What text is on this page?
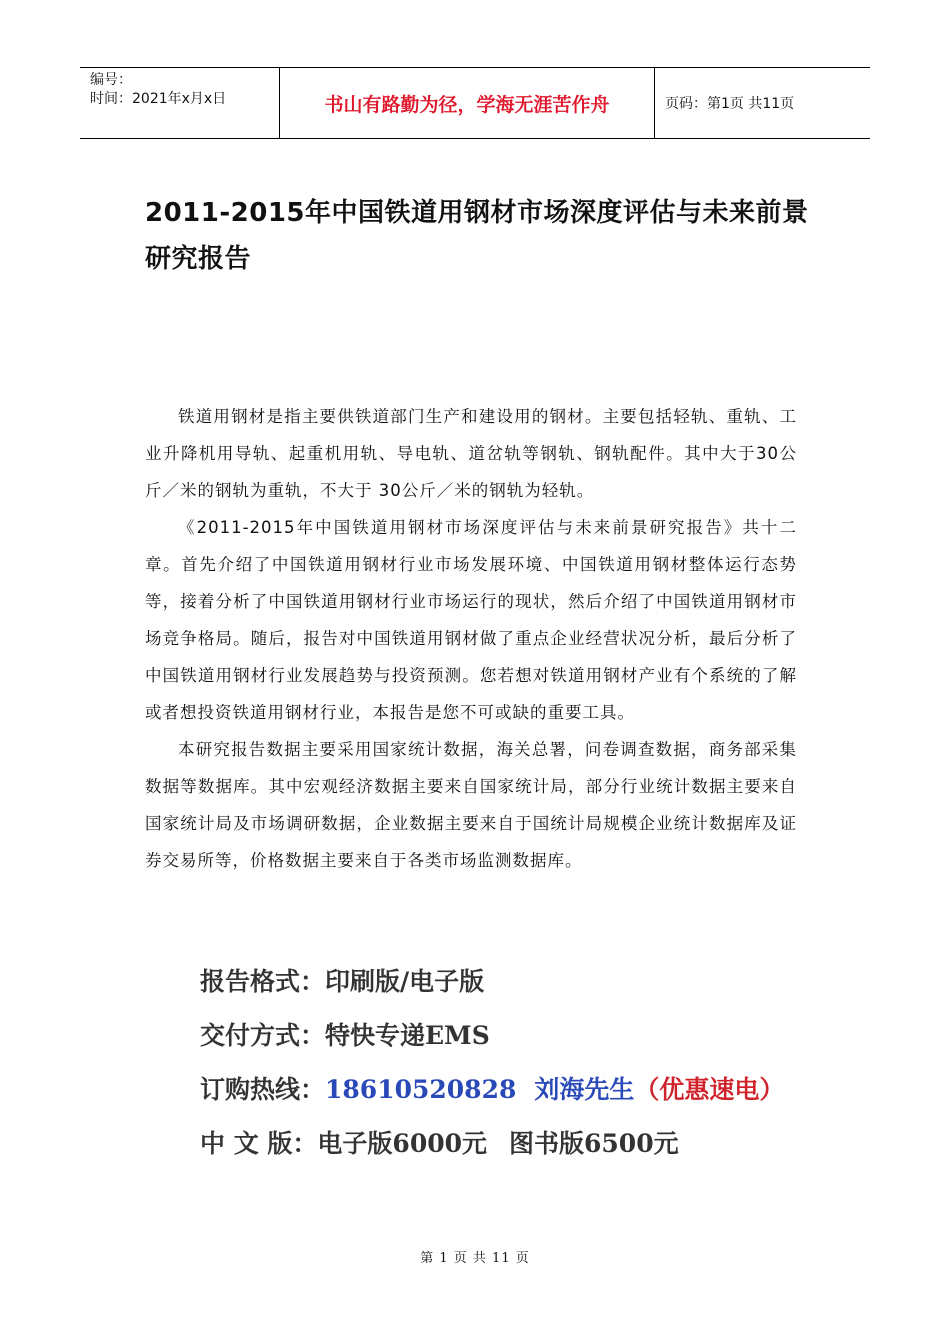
编号：
时间：2021年x月x日	书山有路勤为径，学海无涯苦作舟	页码：第1页 共11页
2011-2015年中国铁道用钢材市场深度评估与未来前景研究报告

铁道用钢材是指主要供铁道部门生产和建设用的钢材。主要包括轻轨、重轨、工业升降机用导轨、起重机用轨、导电轨、道岔轨等钢轨、钢轨配件。其中大于30公斤／米的钢轨为重轨，不大于 30公斤／米的钢轨为轻轨。

《2011-2015年中国铁道用钢材市场深度评估与未来前景研究报告》共十二章。首先介绍了中国铁道用钢材行业市场发展环境、中国铁道用钢材整体运行态势等，接着分析了中国铁道用钢材行业市场运行的现状，然后介绍了中国铁道用钢材市场竞争格局。随后，报告对中国铁道用钢材做了重点企业经营状况分析，最后分析了中国铁道用钢材行业发展趋势与投资预测。您若想对铁道用钢材产业有个系统的了解或者想投资铁道用钢材行业，本报告是您不可或缺的重要工具。

本研究报告数据主要采用国家统计数据，海关总署，问卷调查数据，商务部采集数据等数据库。其中宏观经济数据主要来自国家统计局，部分行业统计数据主要来自国家统计局及市场调研数据，企业数据主要来自于国统计局规模企业统计数据库及证券交易所等，价格数据主要来自于各类市场监测数据库。

报告格式：印刷版/电子版
交付方式：特快专递EMS
订购热线：18610520828 刘海先生（优惠速电）
中 文 版：电子版6000元 图书版6500元
第 1 页 共 11 页
